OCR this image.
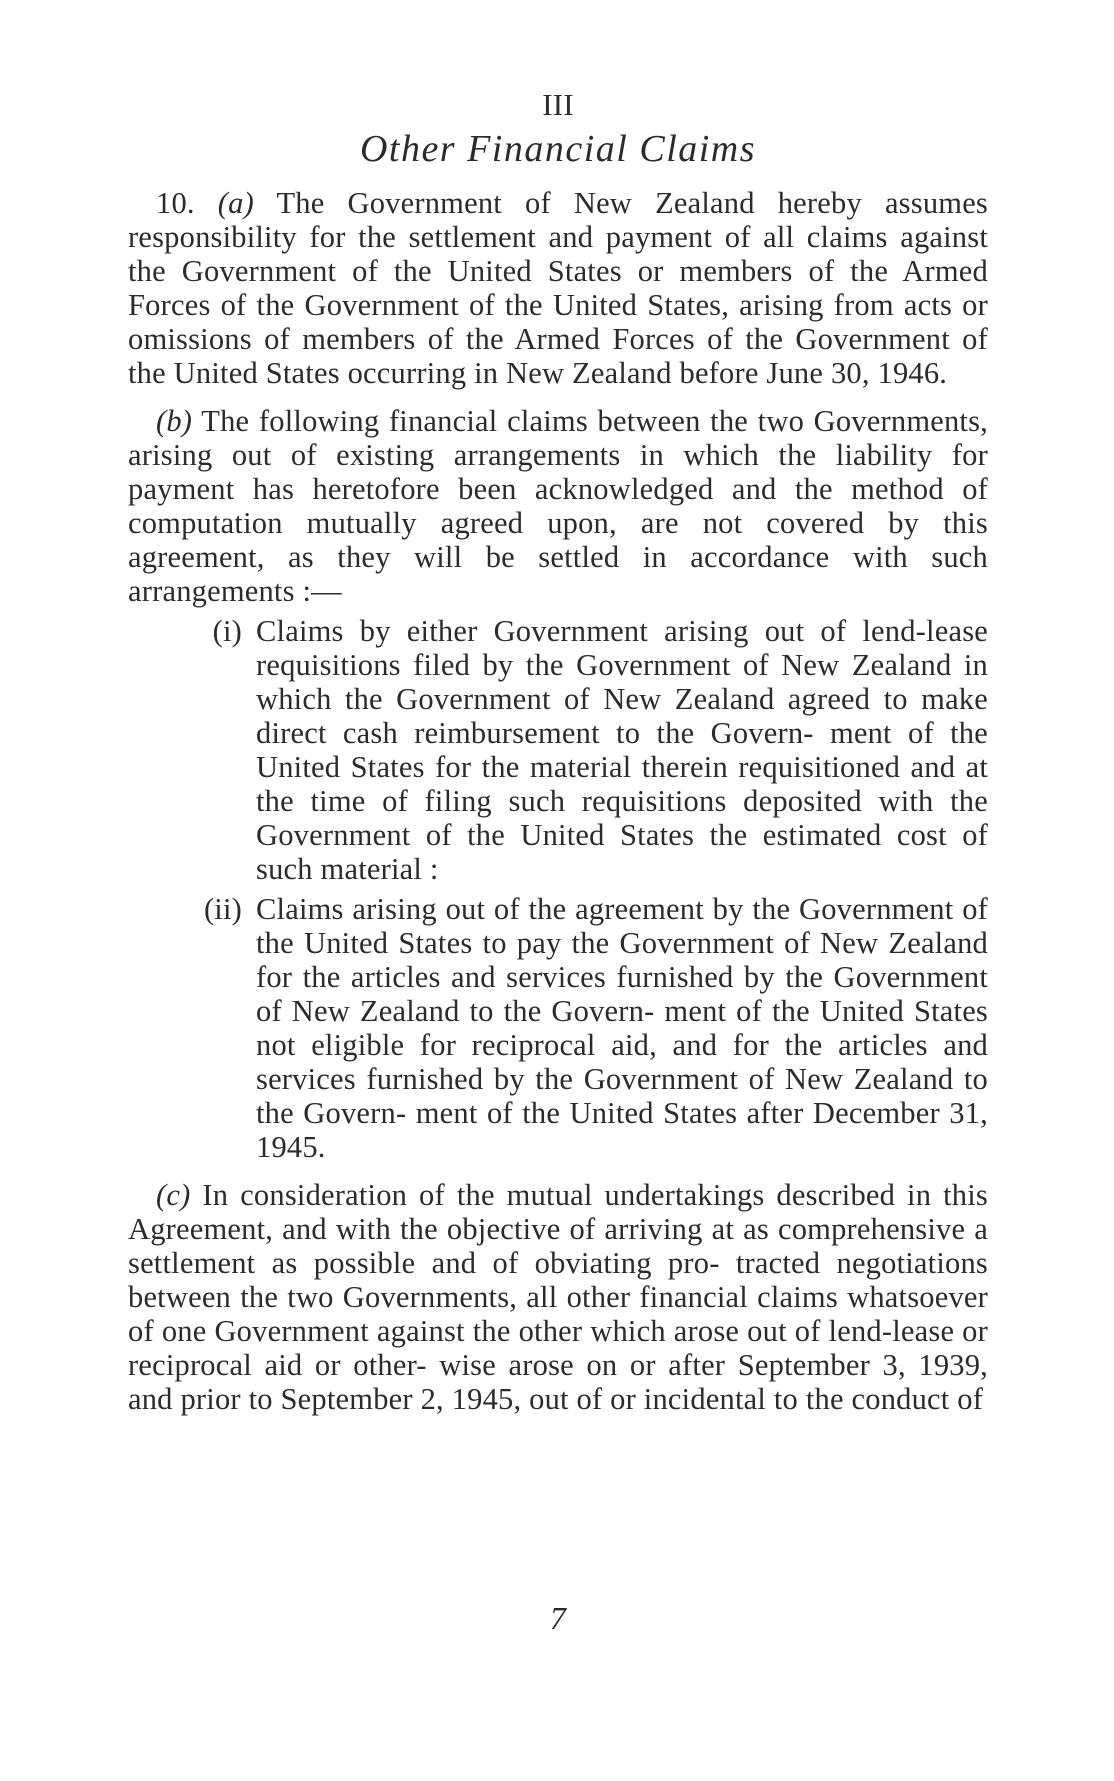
III
Other Financial Claims

10. (a) The Government of New Zealand hereby assumes responsibility for the settlement and payment of all claims against the Government of the United States or members of the Armed Forces of the Government of the United States, arising from acts or omissions of members of the Armed Forces of the Government of the United States occurring in New Zealand before June 30, 1946.

(b) The following financial claims between the two Governments, arising out of existing arrangements in which the liability for payment has heretofore been acknowledged and the method of computation mutually agreed upon, are not covered by this agreement, as they will be settled in accordance with such arrangements :—

(i) Claims by either Government arising out of lend-lease requisitions filed by the Government of New Zealand in which the Government of New Zealand agreed to make direct cash reimbursement to the Govern- ment of the United States for the material therein requisitioned and at the time of filing such requisitions deposited with the Government of the United States the estimated cost of such material :
(ii) Claims arising out of the agreement by the Government of the United States to pay the Government of New Zealand for the articles and services furnished by the Government of New Zealand to the Govern- ment of the United States not eligible for reciprocal aid, and for the articles and services furnished by the Government of New Zealand to the Govern- ment of the United States after December 31, 1945.

(c) In consideration of the mutual undertakings described in this Agreement, and with the objective of arriving at as comprehensive a settlement as possible and of obviating pro- tracted negotiations between the two Governments, all other financial claims whatsoever of one Government against the other which arose out of lend-lease or reciprocal aid or other- wise arose on or after September 3, 1939, and prior to September 2, 1945, out of or incidental to the conduct of

7
